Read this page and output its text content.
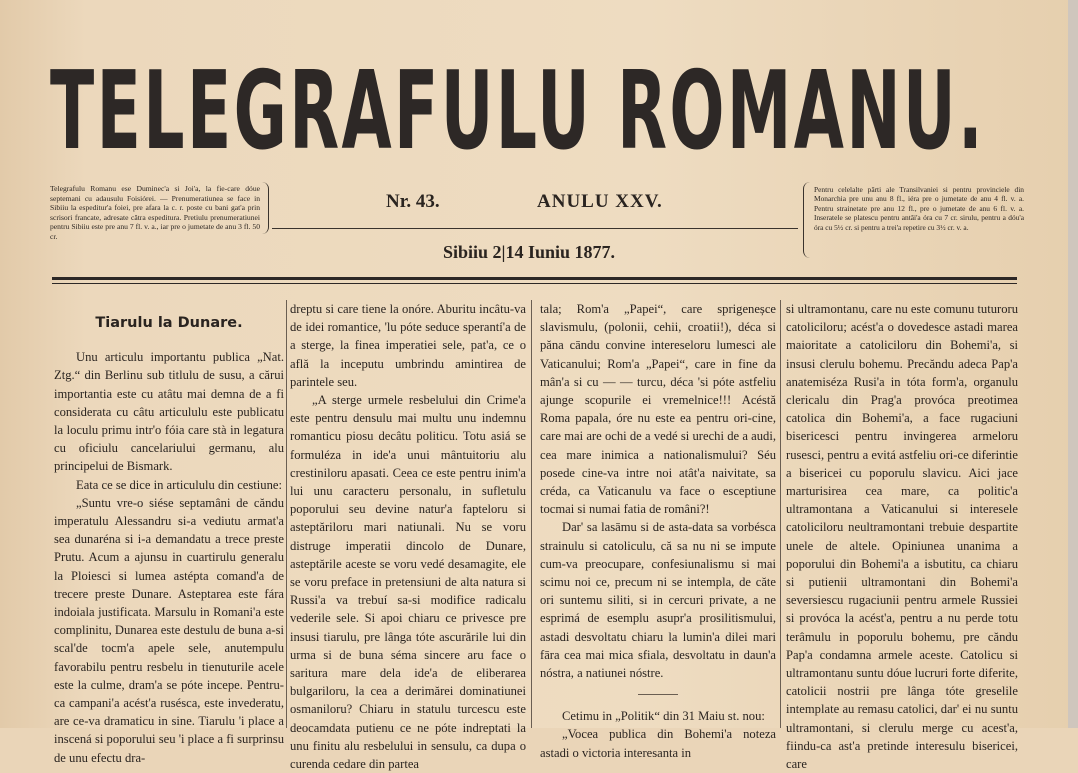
TELEGRAFULU ROMANU.
Telegrafulu Romanu ese Duminec'a si Joi'a, la fie-care dóue septemani cu adausulu Foisiórei. — Prenumeratiunea se face in Sibiiu la espeditur'a foiei, pre afara la c. r. poste cu bani gat'a prin scrisori francate, adresate cătra espeditura. Pretiulu prenumeratiunei pentru Sibiiu este pre anu 7 fl. v. a., iar pre o jumetate de anu 3 fl. 50 cr.
Nr. 43.	ANULU XXV.
Sibiiu 2|14 Iuniu 1877.
Pentru celelalte pārti ale Transilvaniei si pentru provinciele din Monarchia pre unu anu 8 fl., iéra pre o jumetate de anu 4 fl. v. a. Pentru strainetate pre anu 12 fl., pre o jumetate de anu 6 fl. v. a. Inseratele se platescu pentru antâi'a óra cu 7 cr. sirulu, pentru a dóu'a óra cu 5½ cr. si pentru a trei'a repetire cu 3½ cr. v. a.
Tiarulu la Dunare.

Unu articulu importantu publica „Nat. Ztg.“ din Berlinu sub titlulu de susu, a cărui importantia este cu atâtu mai demna de a fi considerata cu câtu articululu este publicatu la loculu primu intr'o fóia care stà in legatura cu oficiulu cancelariului germanu, alu principelui de Bismark.

Eata ce se dice in articululu din cestiune:

„Suntu vre-o siése septamâni de căndu imperatulu Alessandru si-a vediutu armat'a sea dunaréna si i-a demandatu a trece preste Prutu. Acum a ajunsu in cuartirulu generalu la Ploiesci si lumea astépta comand'a de trecere preste Dunare. Asteptarea este fára indoiala justificata. Marsulu in Romani'a este complinitu, Dunarea este destulu de buna a-si scal'de tocm'a apele sele, anutempulu favorabilu pentru resbelu in tienuturile acele este la culme, dram'a se póte incepe. Pentru-ca campani'a acést'a rusésca, este invederatu, are ce-va dramaticu in sine. Tiarulu 'i place a inscená si poporului seu 'i place a fi surprinsu de unu efectu dra-

dreptu si care tiene la onóre. Aburitu incâtu-va de idei romantice, 'lu póte seduce sperantí'a de a sterge, la finea imperatiei sele, pat'a, ce o află la inceputu umbrindu amintirea de parintele seu.

„A sterge urmele resbelului din Crime'a este pentru densulu mai multu unu indemnu romanticu piosu decâtu politicu. Totu asiá se formuléza in ide'a unui mântuitoriu alu crestiniloru apasati. Ceea ce este pentru inim'a lui unu caracteru personalu, in sufletulu poporului seu devine natur'a fapteloru si asteptăriloru mari natiunali. Nu se voru distruge imperatii dincolo de Dunare, asteptările aceste se voru vedé desamagite, ele se voru preface in pretensiuni de alta natura si Russi'a va trebuí sa-si modifice radicalu vederile sele. Si apoi chiaru ce privesce pre insusi tiarulu, pre lânga tóte ascurările lui din urma si de buna séma sincere aru face o saritura mare dela ide'a de eliberarea bulgariloru, la cea a derimărei dominatiunei osmaniloru? Chiaru in statulu turcescu este deocamdata putienu ce ne póte indreptati la unu finitu alu resbelului in sensulu, ca dupa o curenda cedare din partea

tala; Rom'a „Papei“, care sprigeneșce slavismulu, (polonii, cehii, croatii!), déca si păna cāndu convine intereseloru lumesci ale Vaticanului; Rom'a „Papei“, care in fine da mân'a si cu — — turcu, déca 'si póte astfeliu ajunge scopurile ei vremelnice!!! Acéstă Roma papala, óre nu este ea pentru ori-cine, care mai are ochi de a vedé si urechi de a audi, cea mare inimica a nationalismului? Séu posede cine-va intre noi atât'a naivitate, sa créda, ca Vaticanulu va face o esceptiune tocmai si numai fatia de români?!

Dar' sa lasāmu si de asta-data sa vorbésca strainulu si catoliculu, că sa nu ni se impute cum-va preocupare, confesiunalismu si mai scimu noi ce, precum ni se intempla, de căte ori suntemu siliti, si in cercuri private, a ne esprimá de esemplu asupr'a prosilitismului, astadi desvoltatu chiaru la lumin'a dilei mari fāra cea mai mica sfiala, desvoltatu in daun'a nóstra, a natiunei nóstre.

Cetimu in „Politik“ din 31 Maiu st. nou:

„Vocea publica din Bohemi'a noteza astadi o victoria interesanta in

si ultramontanu, care nu este comunu tuturoru catoliciloru; acést'a o dovedesce astadi marea maioritate a catoliciloru din Bohemi'a, si insusi clerulu bohemu. Precăndu adeca Pap'a anatemiséza Rusi'a in tóta form'a, organulu clericalu din Prag'a provóca preotimea catolica din Bohemi'a, a face rugaciuni bisericesci pentru invingerea armeloru rusesci, pentru a evitá astfeliu ori-ce diferintie a bisericei cu poporulu slavicu. Aici jace marturisirea cea mare, ca politic'a ultramontana a Vaticanului si interesele catoliciloru neultramontani trebuie despartite unele de altele. Opiniunea unanima a poporului din Bohemi'a a isbutitu, ca chiaru si putienii ultramontani din Bohemi'a seversiescu rugaciunii pentru armele Russiei si provóca la acést'a, pentru a nu perde totu terâmulu in poporulu bohemu, pre căndu Pap'a condamna armele aceste. Catolicu si ultramontanu suntu dóue lucruri forte diferite, catolicii nostrii pre lânga tóte greselile intemplate au remasu catolici, dar' ei nu suntu ultramontani, si clerulu merge cu acest'a, fiindu-ca ast'a pretinde interesulu bisericei, care
